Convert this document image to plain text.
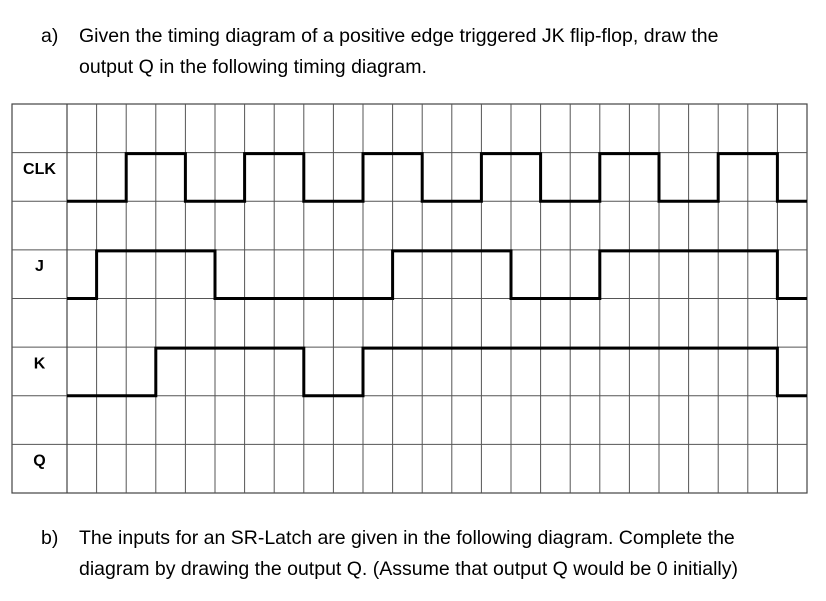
a) Given the timing diagram of a positive edge triggered JK flip-flop, draw the
output Q in the following timing diagram.
CLK
J
K
Q
b) The inputs for an SR-Latch are given in the following diagram. Complete the
diagram by drawing the output Q. (Assume that output Q would be 0 initially)
